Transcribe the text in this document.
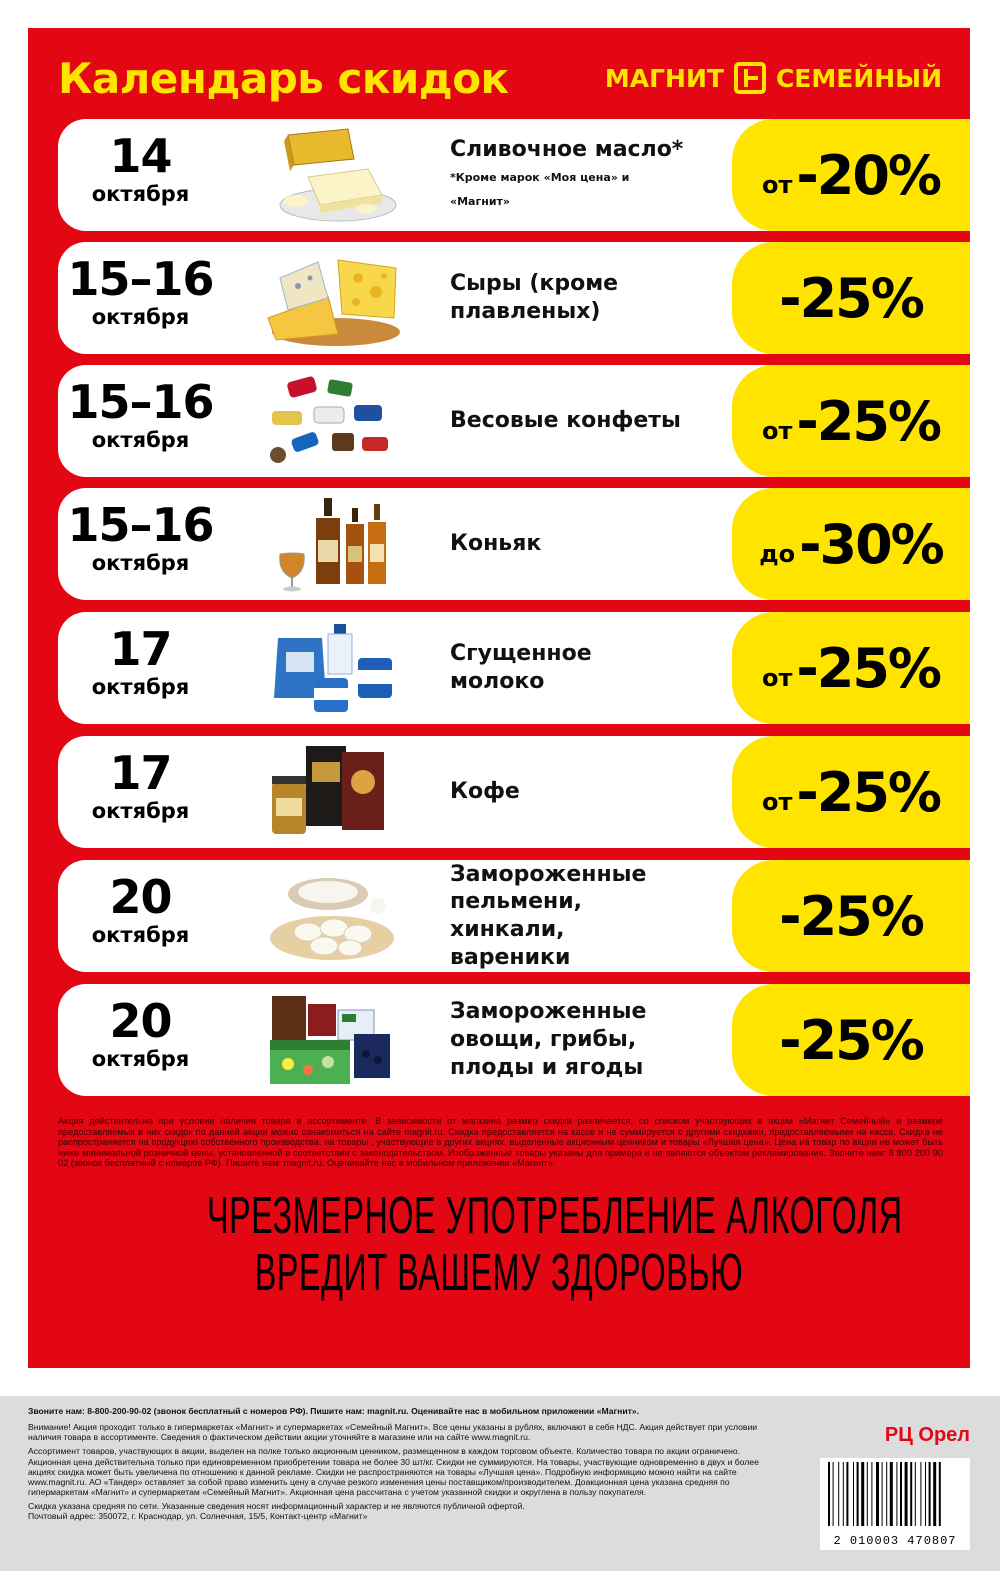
Календарь скидок	МАГНИТ СЕМЕЙНЫЙ
14
октября
Сливочное масло*
*Кроме марок «Моя цена» и
«Магнит»
от -20%
15–16
октября
Сыры (кроме
плавленых)	-25%
15–16
октября
Весовые конфеты	от -25%
15–16
октября
Коньяк	до -30%
17
октября
Сгущенное
молоко	от -25%
17
октября
Кофе	от -25%
20
октября
Замороженные
пельмени,
хинкали,
вареники
-25%
20
октября
Замороженные
овощи, грибы,
плоды и ягоды	-25%
Акция действительна при условии наличия товара в ассортименте. В зависимости от магазина размер скидки различается, со списком участвующих в акции «Магнит Семейный» и размере предоставляемых в них скидок по данной акции можно ознакомиться на сайте magnit.ru. Скидка предоставляется на кассе и не суммируется с другими скидками, предоставляемыми на кассе. Скидка не распространяется на продукцию собственного производства, на товары , участвующие в других акциях, выделенные акционным ценником и товары «Лучшая цена». Цена на товар по акции не может быть ниже минимальной розничной цены, установленной в соответствии с законодательством. Изображенные товары указаны для примера и не являются объектом рекламирования. Звоните нам: 8 800 200 90 02 (звонок бесплатный с номеров РФ). Пишите нам: magnit.ru. Оценивайте нас в мобильном приложении «Магнит».
ЧРЕЗМЕРНОЕ УПОТРЕБЛЕНИЕ АЛКОГОЛЯ
ВРЕДИТ ВАШЕМУ ЗДОРОВЬЮ

Звоните нам: 8-800-200-90-02 (звонок бесплатный с номеров РФ). Пишите нам: magnit.ru. Оценивайте нас в мобильном приложении «Магнит».

Внимание! Акция проходит только в гипермаркетах «Магнит» и супермаркетах «Семейный Магнит». Все цены указаны в рублях, включают в себя НДС. Акция действует при условии наличия товара в ассортименте. Сведения о фактическом действии акции уточняйте в магазине или на сайте www.magnit.ru.

Ассортимент товаров, участвующих в акции, выделен на полке только акционным ценником, размещенном в каждом торговом объекте. Количество товара по акции ограничено. Акционная цена действительна только при единовременном приобретении товара не более 30 шт/кг. Скидки не суммируются. На товары, участвующие одновременно в двух и более акциях скидка может быть увеличена по отношению к данной рекламе. Скидки не распространяются на товары «Лучшая цена». Подробную информацию можно найти на сайте www.magnit.ru. АО «Тандер» оставляет за собой право изменить цену в случае резкого изменения цены поставщиком/производителем. Доакционная цена указана средняя по гипермаркетам «Магнит» и супермаркетам «Семейный Магнит». Акционная цена рассчитана с учетом указанной скидки и округлена в пользу покупателя.

Скидка указана средняя по сети. Указанные сведения носят информационный характер и не являются публичной офертой.

Почтовый адрес: 350072, г. Краснодар, ул. Солнечная, 15/5, Контакт-центр «Магнит»

РЦ Орел
2 010003 470807
